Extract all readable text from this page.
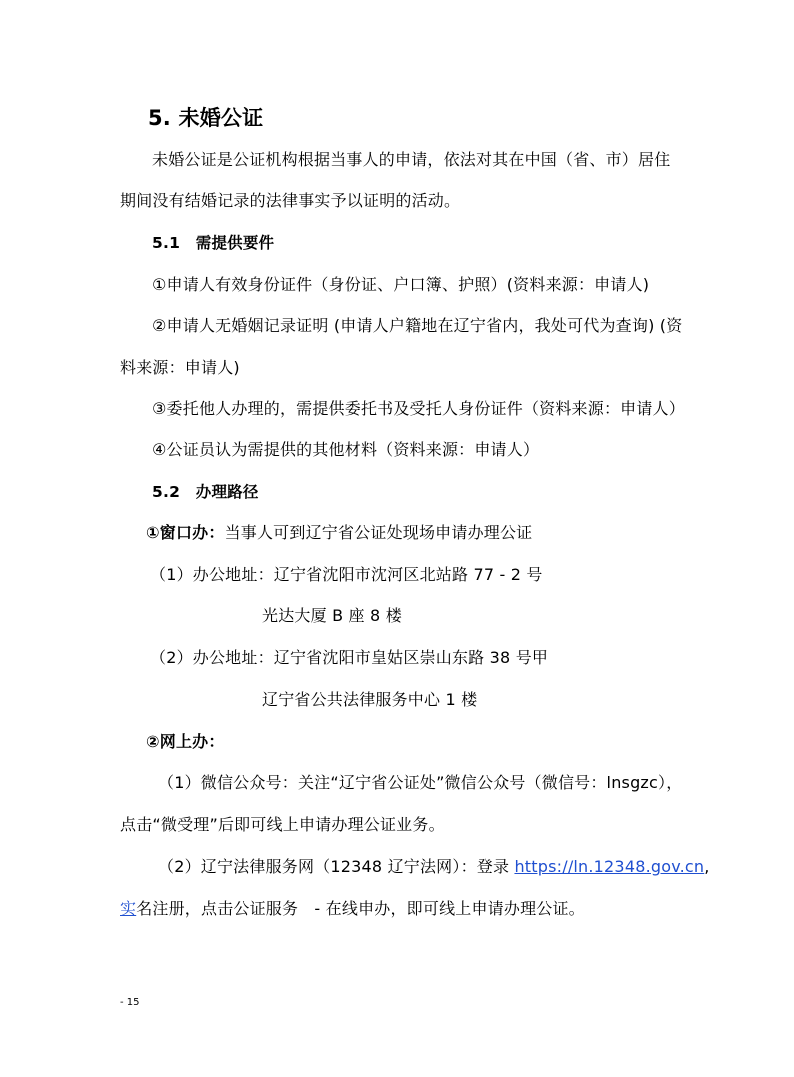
5. 未婚公证
未婚公证是公证机构根据当事人的申请，依法对其在中国（省、市）居住
期间没有结婚记录的法律事实予以证明的活动。
5.1　需提供要件
①申请人有效身份证件（身份证、户口簿、护照）(资料来源：申请人)
②申请人无婚姻记录证明 (申请人户籍地在辽宁省内，我处可代为查询) (资
料来源：申请人)
③委托他人办理的，需提供委托书及受托人身份证件（资料来源：申请人）
④公证员认为需提供的其他材料（资料来源：申请人）
5.2　办理路径
①窗口办：当事人可到辽宁省公证处现场申请办理公证
（1）办公地址：辽宁省沈阳市沈河区北站路 77 - 2 号
光达大厦 B 座 8 楼
（2）办公地址：辽宁省沈阳市皇姑区崇山东路 38 号甲
辽宁省公共法律服务中心 1 楼
②网上办：
（1）微信公众号：关注“辽宁省公证处”微信公众号（微信号：lnsgzc），
点击“微受理”后即可线上申请办理公证业务。
（2）辽宁法律服务网（12348 辽宁法网）：登录 https://ln.12348.gov.cn,
实名注册，点击公证服务　- 在线申办，即可线上申请办理公证。
- 15
